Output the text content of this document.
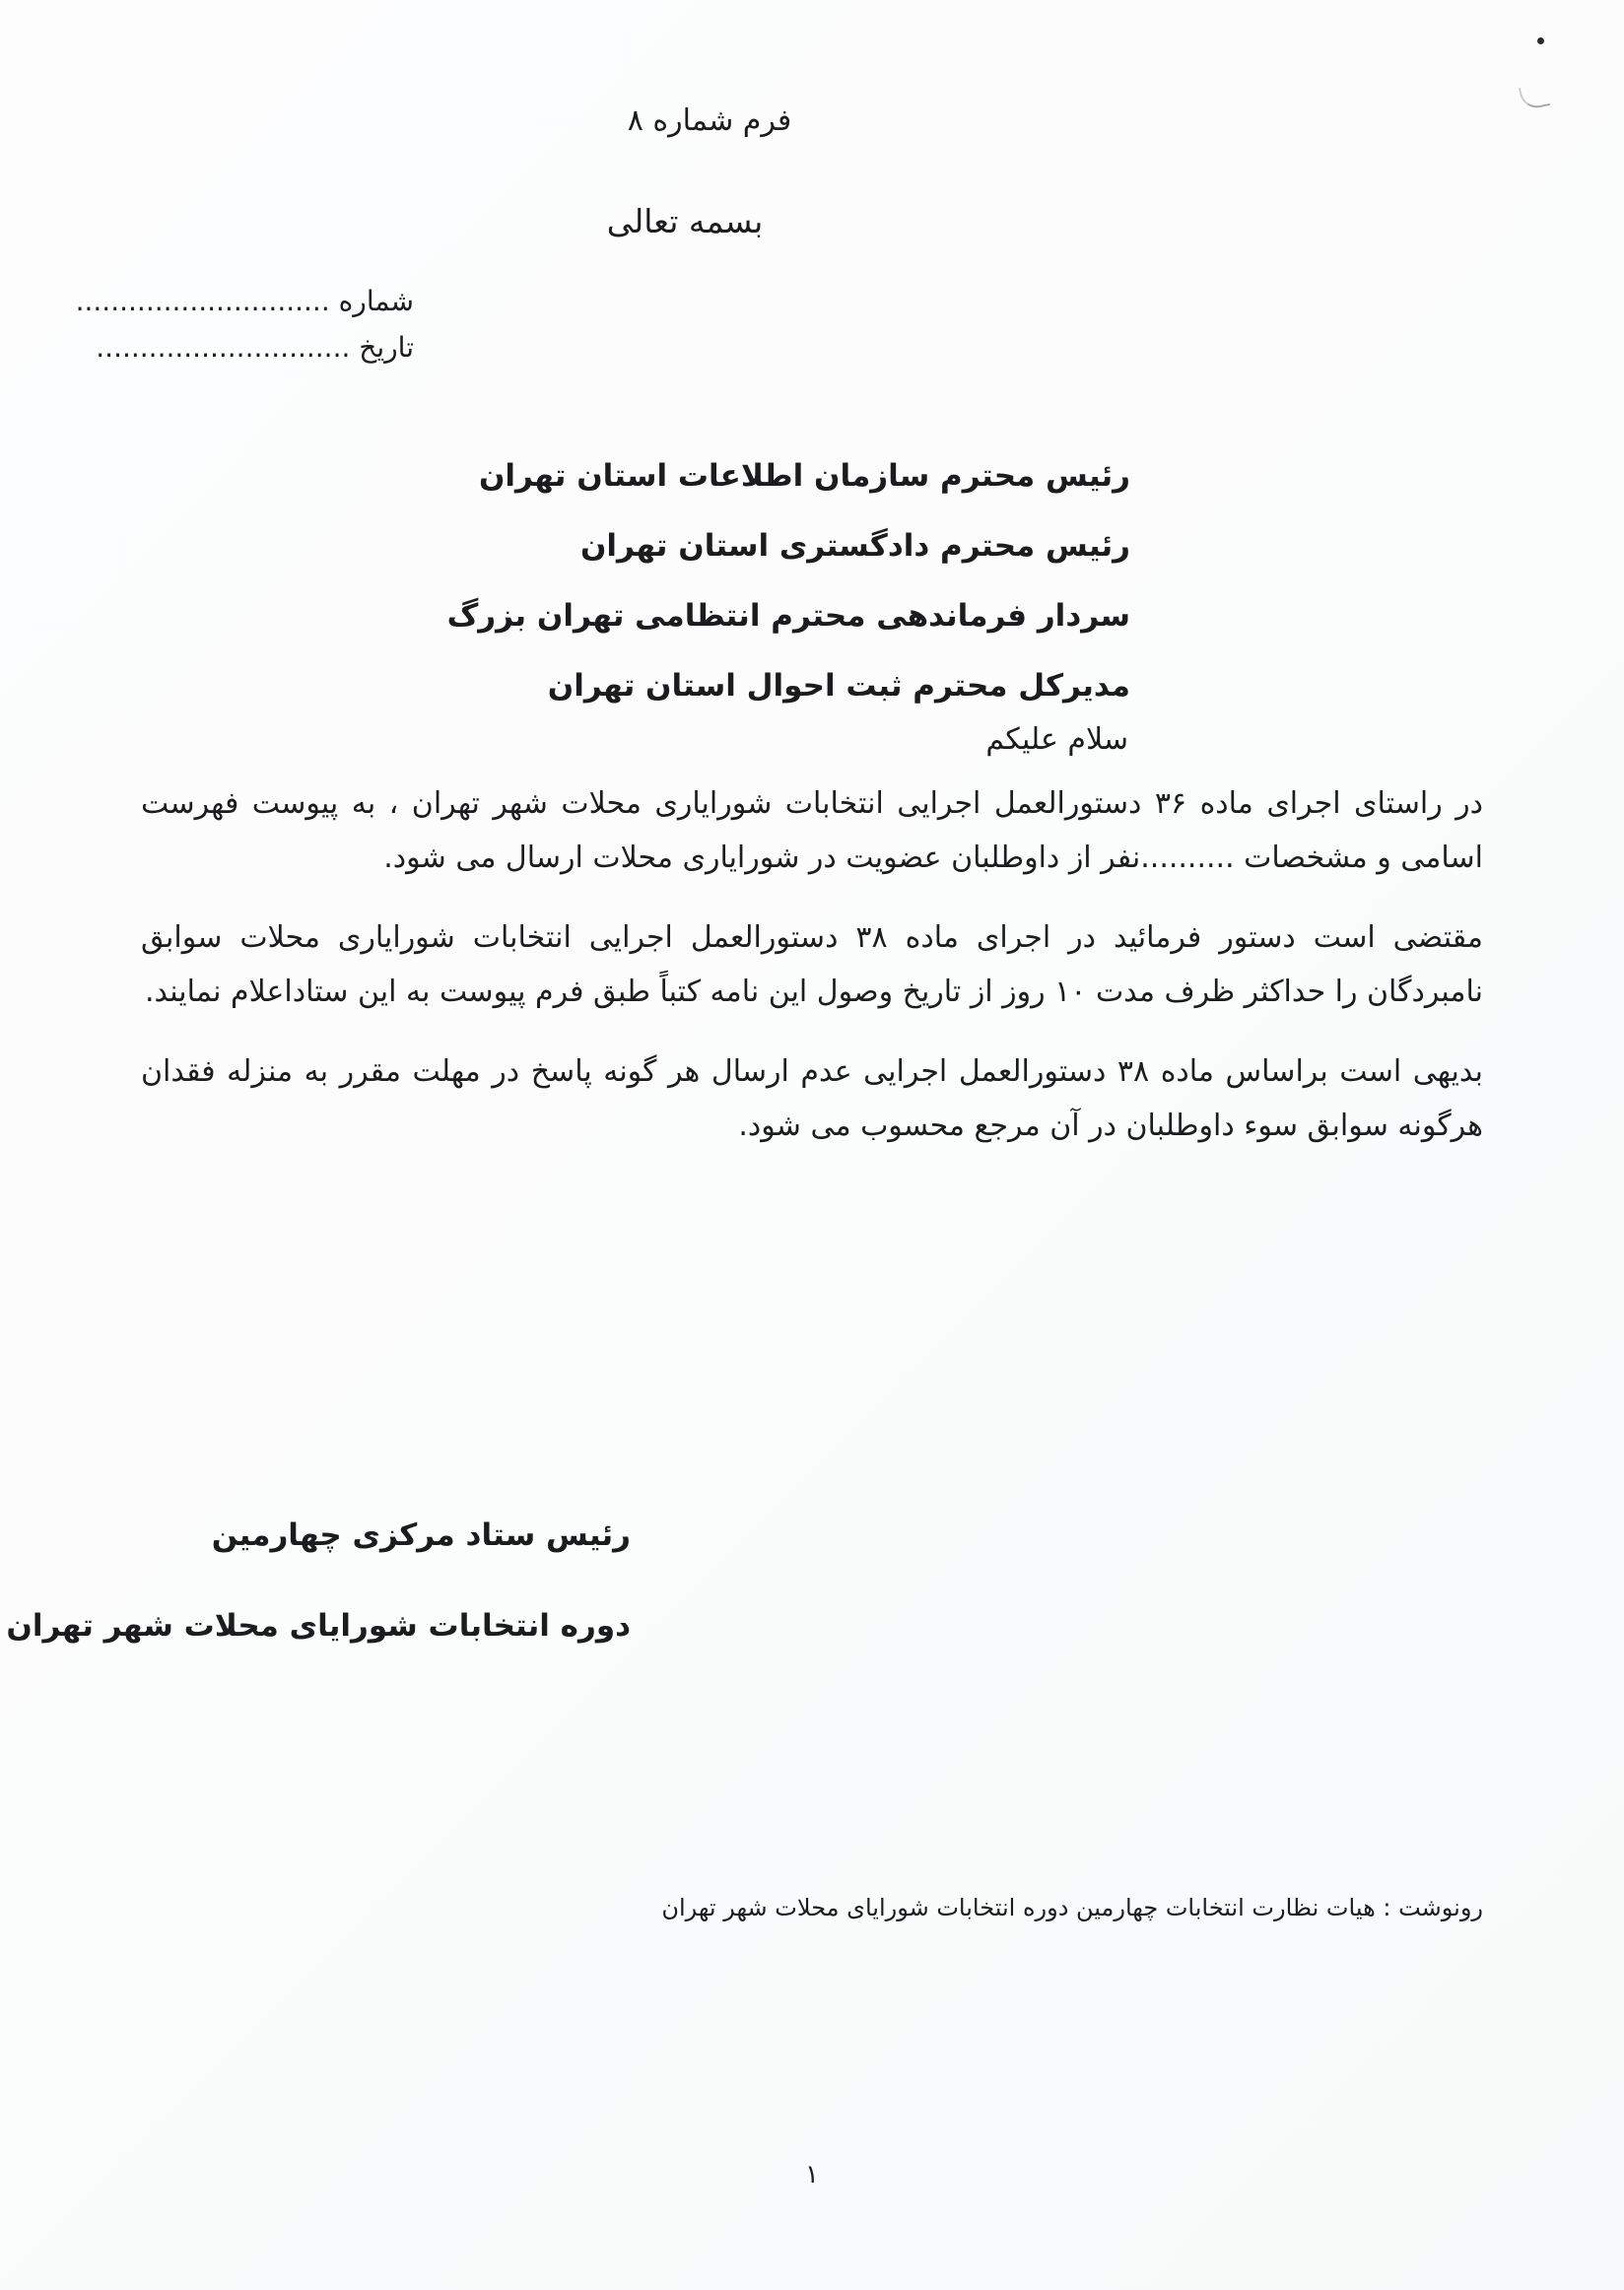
فرم شماره ۸
بسمه تعالی
شماره .............................
تاریخ .............................
رئیس محترم سازمان اطلاعات استان تهران
رئیس محترم دادگستری استان تهران
سردار فرماندهی محترم انتظامی تهران بزرگ
مدیرکل محترم ثبت احوال استان تهران
سلام علیکم

در راستای اجرای ماده ۳۶ دستورالعمل اجرایی انتخابات شورایاری محلات شهر تهران ، به پیوست فهرست اسامی و مشخصات ..........نفر از داوطلبان عضویت در شورایاری محلات ارسال می شود.

مقتضی است دستور فرمائید در اجرای ماده ۳۸ دستورالعمل اجرایی انتخابات شورایاری محلات سوابق نامبردگان را حداکثر ظرف مدت ۱۰ روز از تاریخ وصول این نامه کتباً طبق فرم پیوست به این ستاداعلام نمایند.

بدیهی است براساس ماده ۳۸ دستورالعمل اجرایی عدم ارسال هر گونه پاسخ در مهلت مقرر به منزله فقدان هرگونه سوابق سوء داوطلبان در آن مرجع محسوب می شود.

رئیس ستاد مرکزی چهارمین
دوره انتخابات شورایای محلات شهر تهران
رونوشت : هیات نظارت انتخابات چهارمین دوره انتخابات شورایای محلات شهر تهران
۱
